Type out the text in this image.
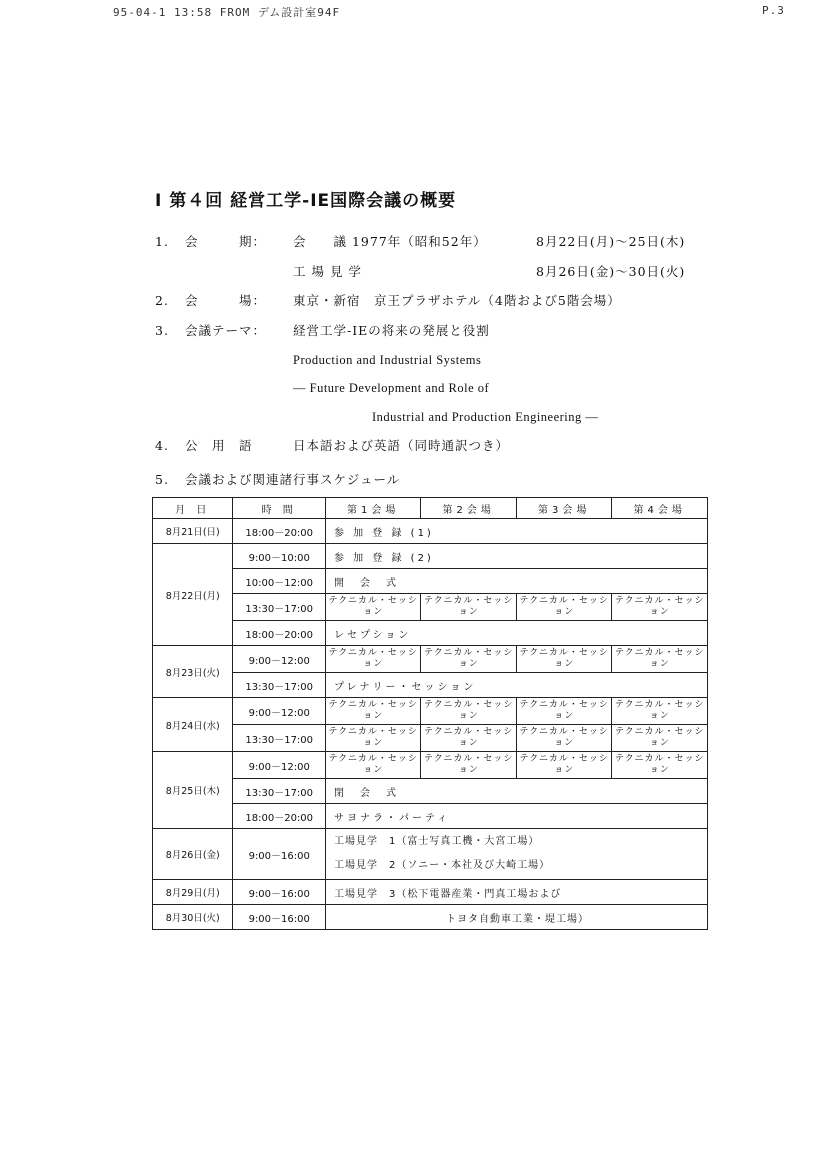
95-04-1 13:58 FROM デム設計室94F	P.3
Ⅰ 第４回 経営工学-IE国際会議の概要
1. 会　　　期：	会　　議 1977年（昭和52年）	8月22日(月)〜25日(木)
工 場 見 学	8月26日(金)〜30日(火)
2. 会　　　場： 東京・新宿　京王プラザホテル（4階および5階会場）
3. 会議テーマ： 経営工学-IEの将来の発展と役割
Production and Industrial Systems
— Future Development and Role of
Industrial and Production Engineering —
4. 公　用　語	日本語および英語（同時通訳つき）
5. 会議および関連諸行事スケジュール
月 日	時 間	第1会場	第2会場	第3会場	第4会場
8月21日(日)	18:00－20:00	参 加 登 録 (1)			
8月22日(月)	9:00－10:00	参 加 登 録 (2)			
	10:00－12:00	開　会　式			
	13:30－17:00	テクニカル・セッション	テクニカル・セッション	テクニカル・セッション	テクニカル・セッション
	18:00－20:00	レセプション			
8月23日(火)	9:00－12:00	テクニカル・セッション	テクニカル・セッション	テクニカル・セッション	テクニカル・セッション
	13:30－17:00	プレナリー・セッション			
8月24日(水)	9:00－12:00	テクニカル・セッション	テクニカル・セッション	テクニカル・セッション	テクニカル・セッション
	13:30－17:00	テクニカル・セッション	テクニカル・セッション	テクニカル・セッション	テクニカル・セッション
8月25日(木)	9:00－12:00	テクニカル・セッション	テクニカル・セッション	テクニカル・セッション	テクニカル・セッション
	13:30－17:00	閉　会　式			
	18:00－20:00	サヨナラ・パーティ			
8月26日(金)	9:00－16:00	工場見学　1（富士写真工機・大宮工場）
工場見学　2（ソニー・本社及び大崎工場）			

8月29日(月)	9:00－16:00	工場見学　3（松下電器産業・門真工場および			
8月30日(火)	9:00－16:00	トヨタ自動車工業・堤工場）			
